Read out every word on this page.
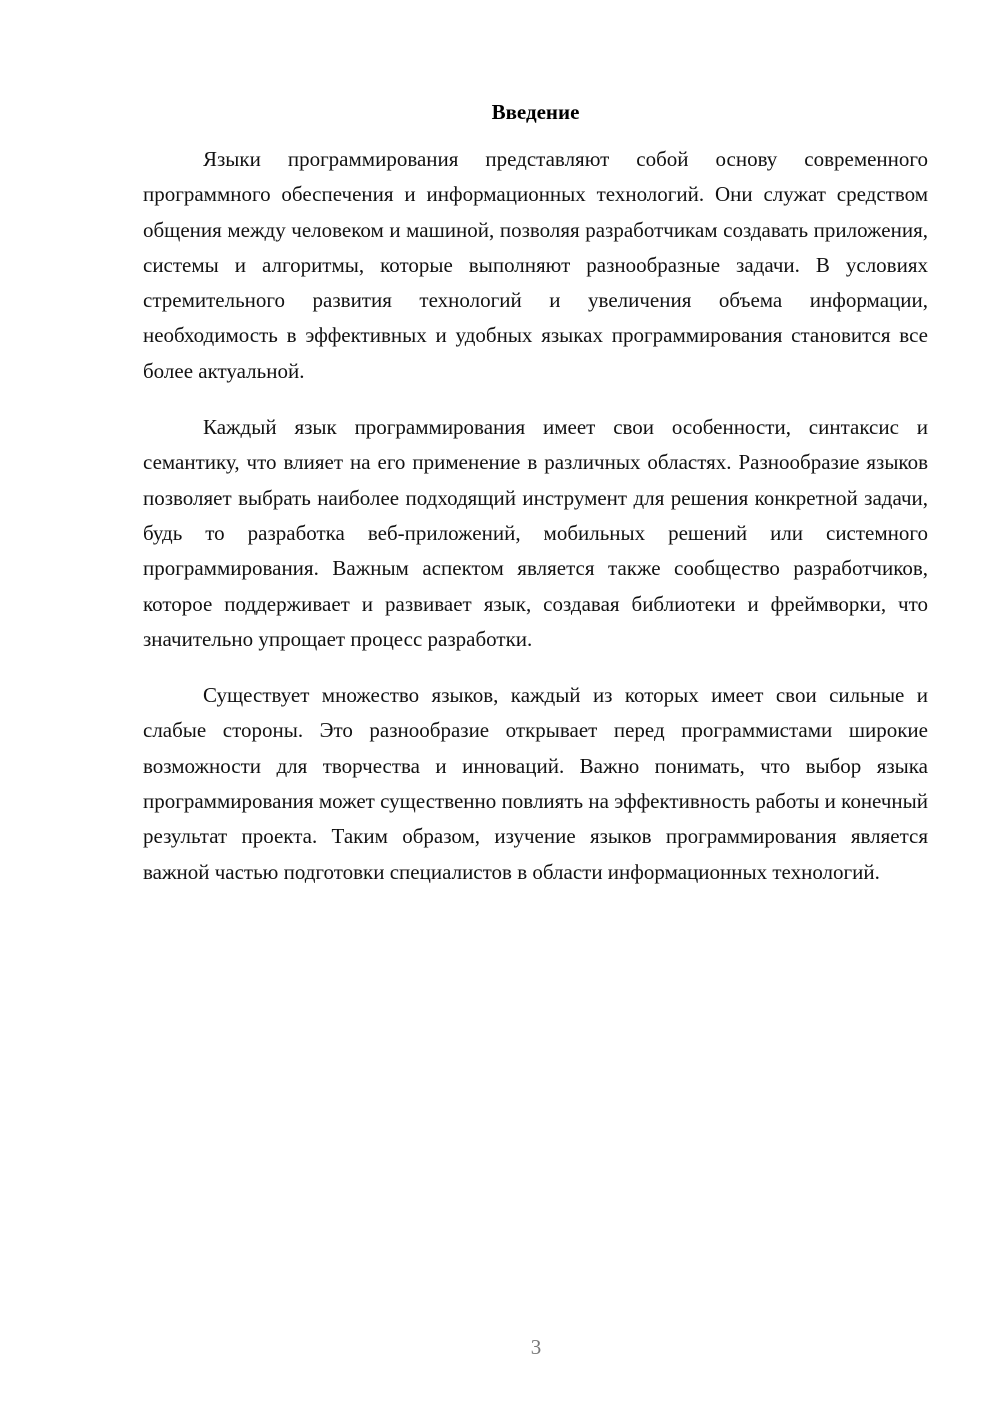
Введение

Языки программирования представляют собой основу современного программного обеспечения и информационных технологий. Они служат средством общения между человеком и машиной, позволяя разработчикам создавать приложения, системы и алгоритмы, которые выполняют разнообразные задачи. В условиях стремительного развития технологий и увеличения объема информации, необходимость в эффективных и удобных языках программирования становится все более актуальной.

Каждый язык программирования имеет свои особенности, синтаксис и семантику, что влияет на его применение в различных областях. Разнообразие языков позволяет выбрать наиболее подходящий инструмент для решения конкретной задачи, будь то разработка веб-приложений, мобильных решений или системного программирования. Важным аспектом является также сообщество разработчиков, которое поддерживает и развивает язык, создавая библиотеки и фреймворки, что значительно упрощает процесс разработки.

Существует множество языков, каждый из которых имеет свои сильные и слабые стороны. Это разнообразие открывает перед программистами широкие возможности для творчества и инноваций. Важно понимать, что выбор языка программирования может существенно повлиять на эффективность работы и конечный результат проекта. Таким образом, изучение языков программирования является важной частью подготовки специалистов в области информационных технологий.

3
